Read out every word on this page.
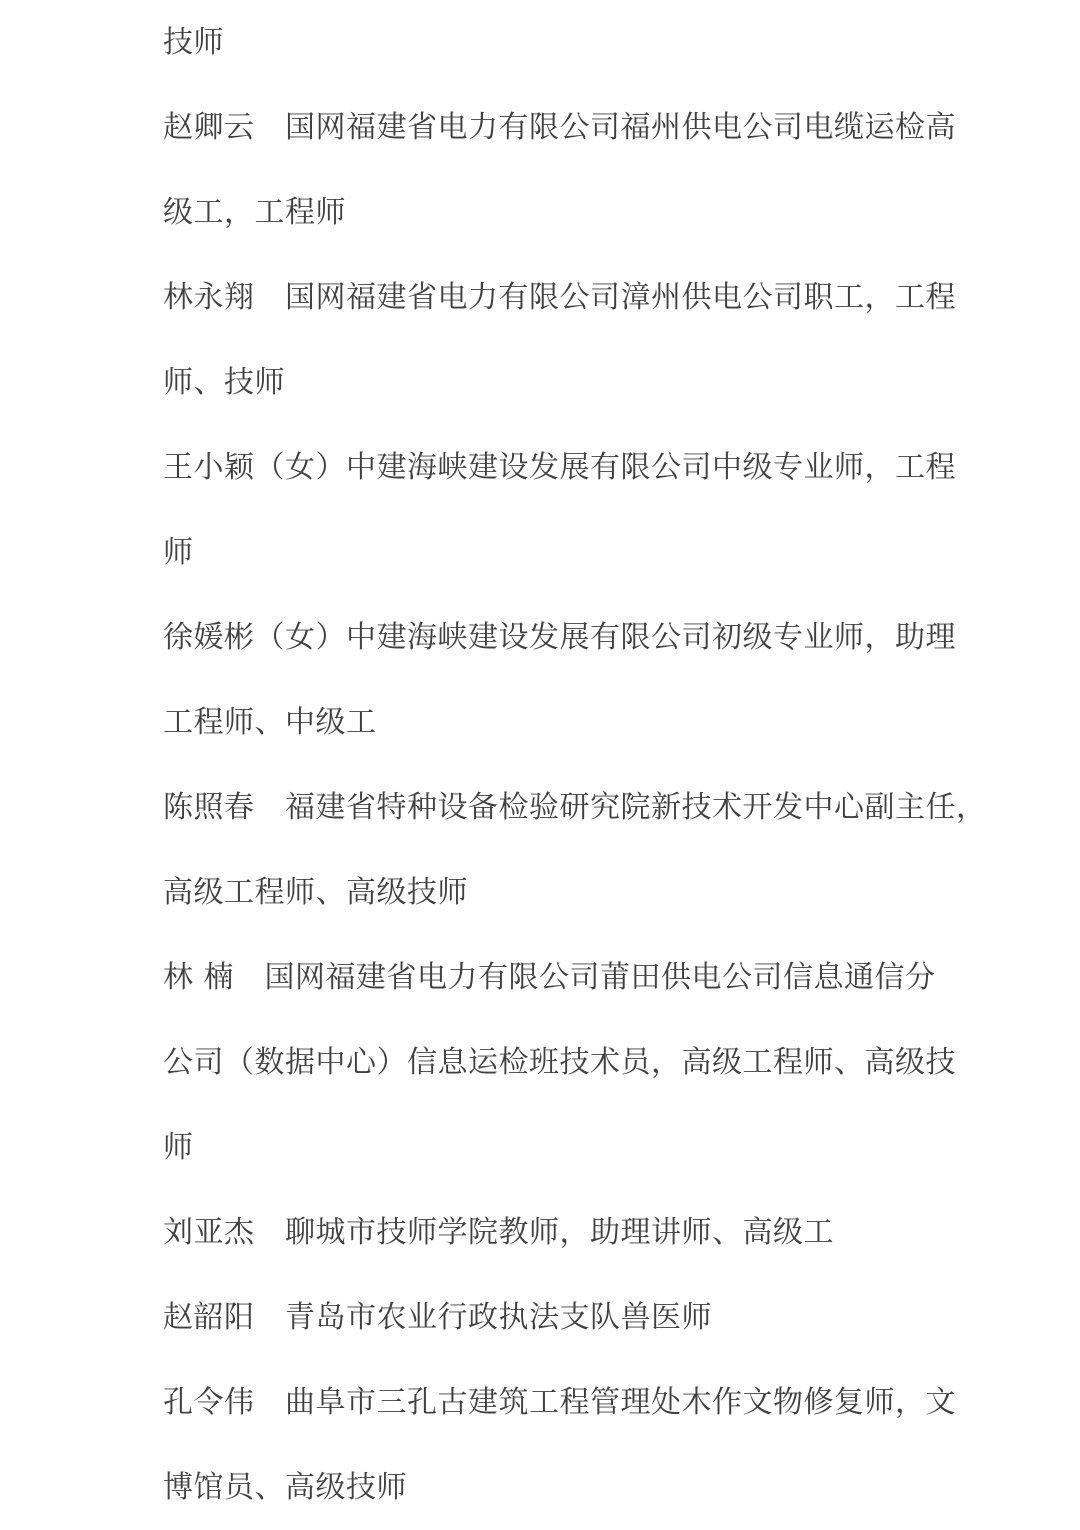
技师
赵卿云　国网福建省电力有限公司福州供电公司电缆运检高
级工，工程师
林永翔　国网福建省电力有限公司漳州供电公司职工，工程
师、技师
王小颖（女）中建海峡建设发展有限公司中级专业师，工程
师
徐媛彬（女）中建海峡建设发展有限公司初级专业师，助理
工程师、中级工
陈照春　福建省特种设备检验研究院新技术开发中心副主任，
高级工程师、高级技师
林 楠　国网福建省电力有限公司莆田供电公司信息通信分
公司（数据中心）信息运检班技术员，高级工程师、高级技
师
刘亚杰　聊城市技师学院教师，助理讲师、高级工
赵韶阳　青岛市农业行政执法支队兽医师
孔令伟　曲阜市三孔古建筑工程管理处木作文物修复师，文
博馆员、高级技师
